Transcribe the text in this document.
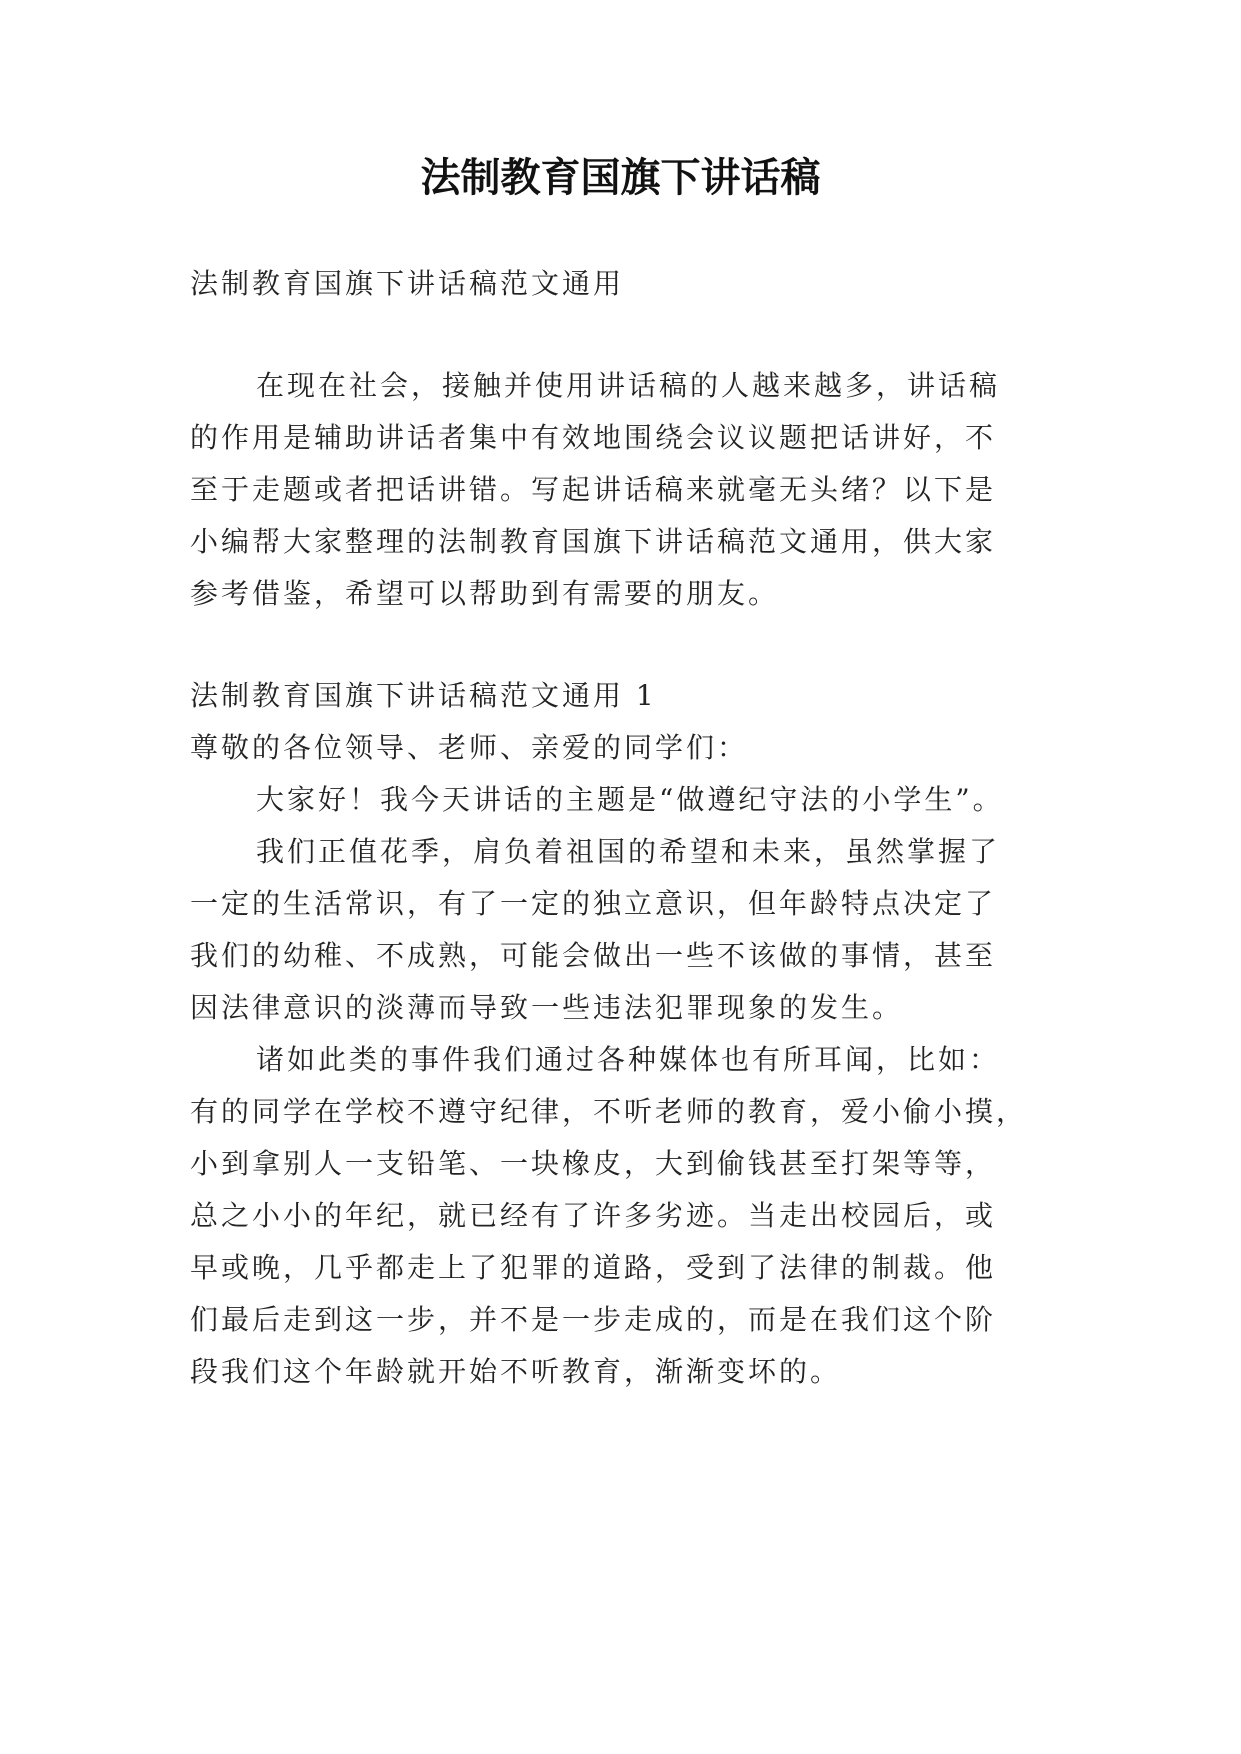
法制教育国旗下讲话稿
法制教育国旗下讲话稿范文通用
在现在社会，接触并使用讲话稿的人越来越多，讲话稿
的作用是辅助讲话者集中有效地围绕会议议题把话讲好，不
至于走题或者把话讲错。写起讲话稿来就毫无头绪？以下是
小编帮大家整理的法制教育国旗下讲话稿范文通用，供大家
参考借鉴，希望可以帮助到有需要的朋友。
法制教育国旗下讲话稿范文通用 1
尊敬的各位领导、老师、亲爱的同学们：
大家好！我今天讲话的主题是“做遵纪守法的小学生”。
我们正值花季，肩负着祖国的希望和未来，虽然掌握了
一定的生活常识，有了一定的独立意识，但年龄特点决定了
我们的幼稚、不成熟，可能会做出一些不该做的事情，甚至
因法律意识的淡薄而导致一些违法犯罪现象的发生。
诸如此类的事件我们通过各种媒体也有所耳闻，比如：
有的同学在学校不遵守纪律，不听老师的教育，爱小偷小摸，
小到拿别人一支铅笔、一块橡皮，大到偷钱甚至打架等等，
总之小小的年纪，就已经有了许多劣迹。当走出校园后，或
早或晚，几乎都走上了犯罪的道路，受到了法律的制裁。他
们最后走到这一步，并不是一步走成的，而是在我们这个阶
段我们这个年龄就开始不听教育，渐渐变坏的。
